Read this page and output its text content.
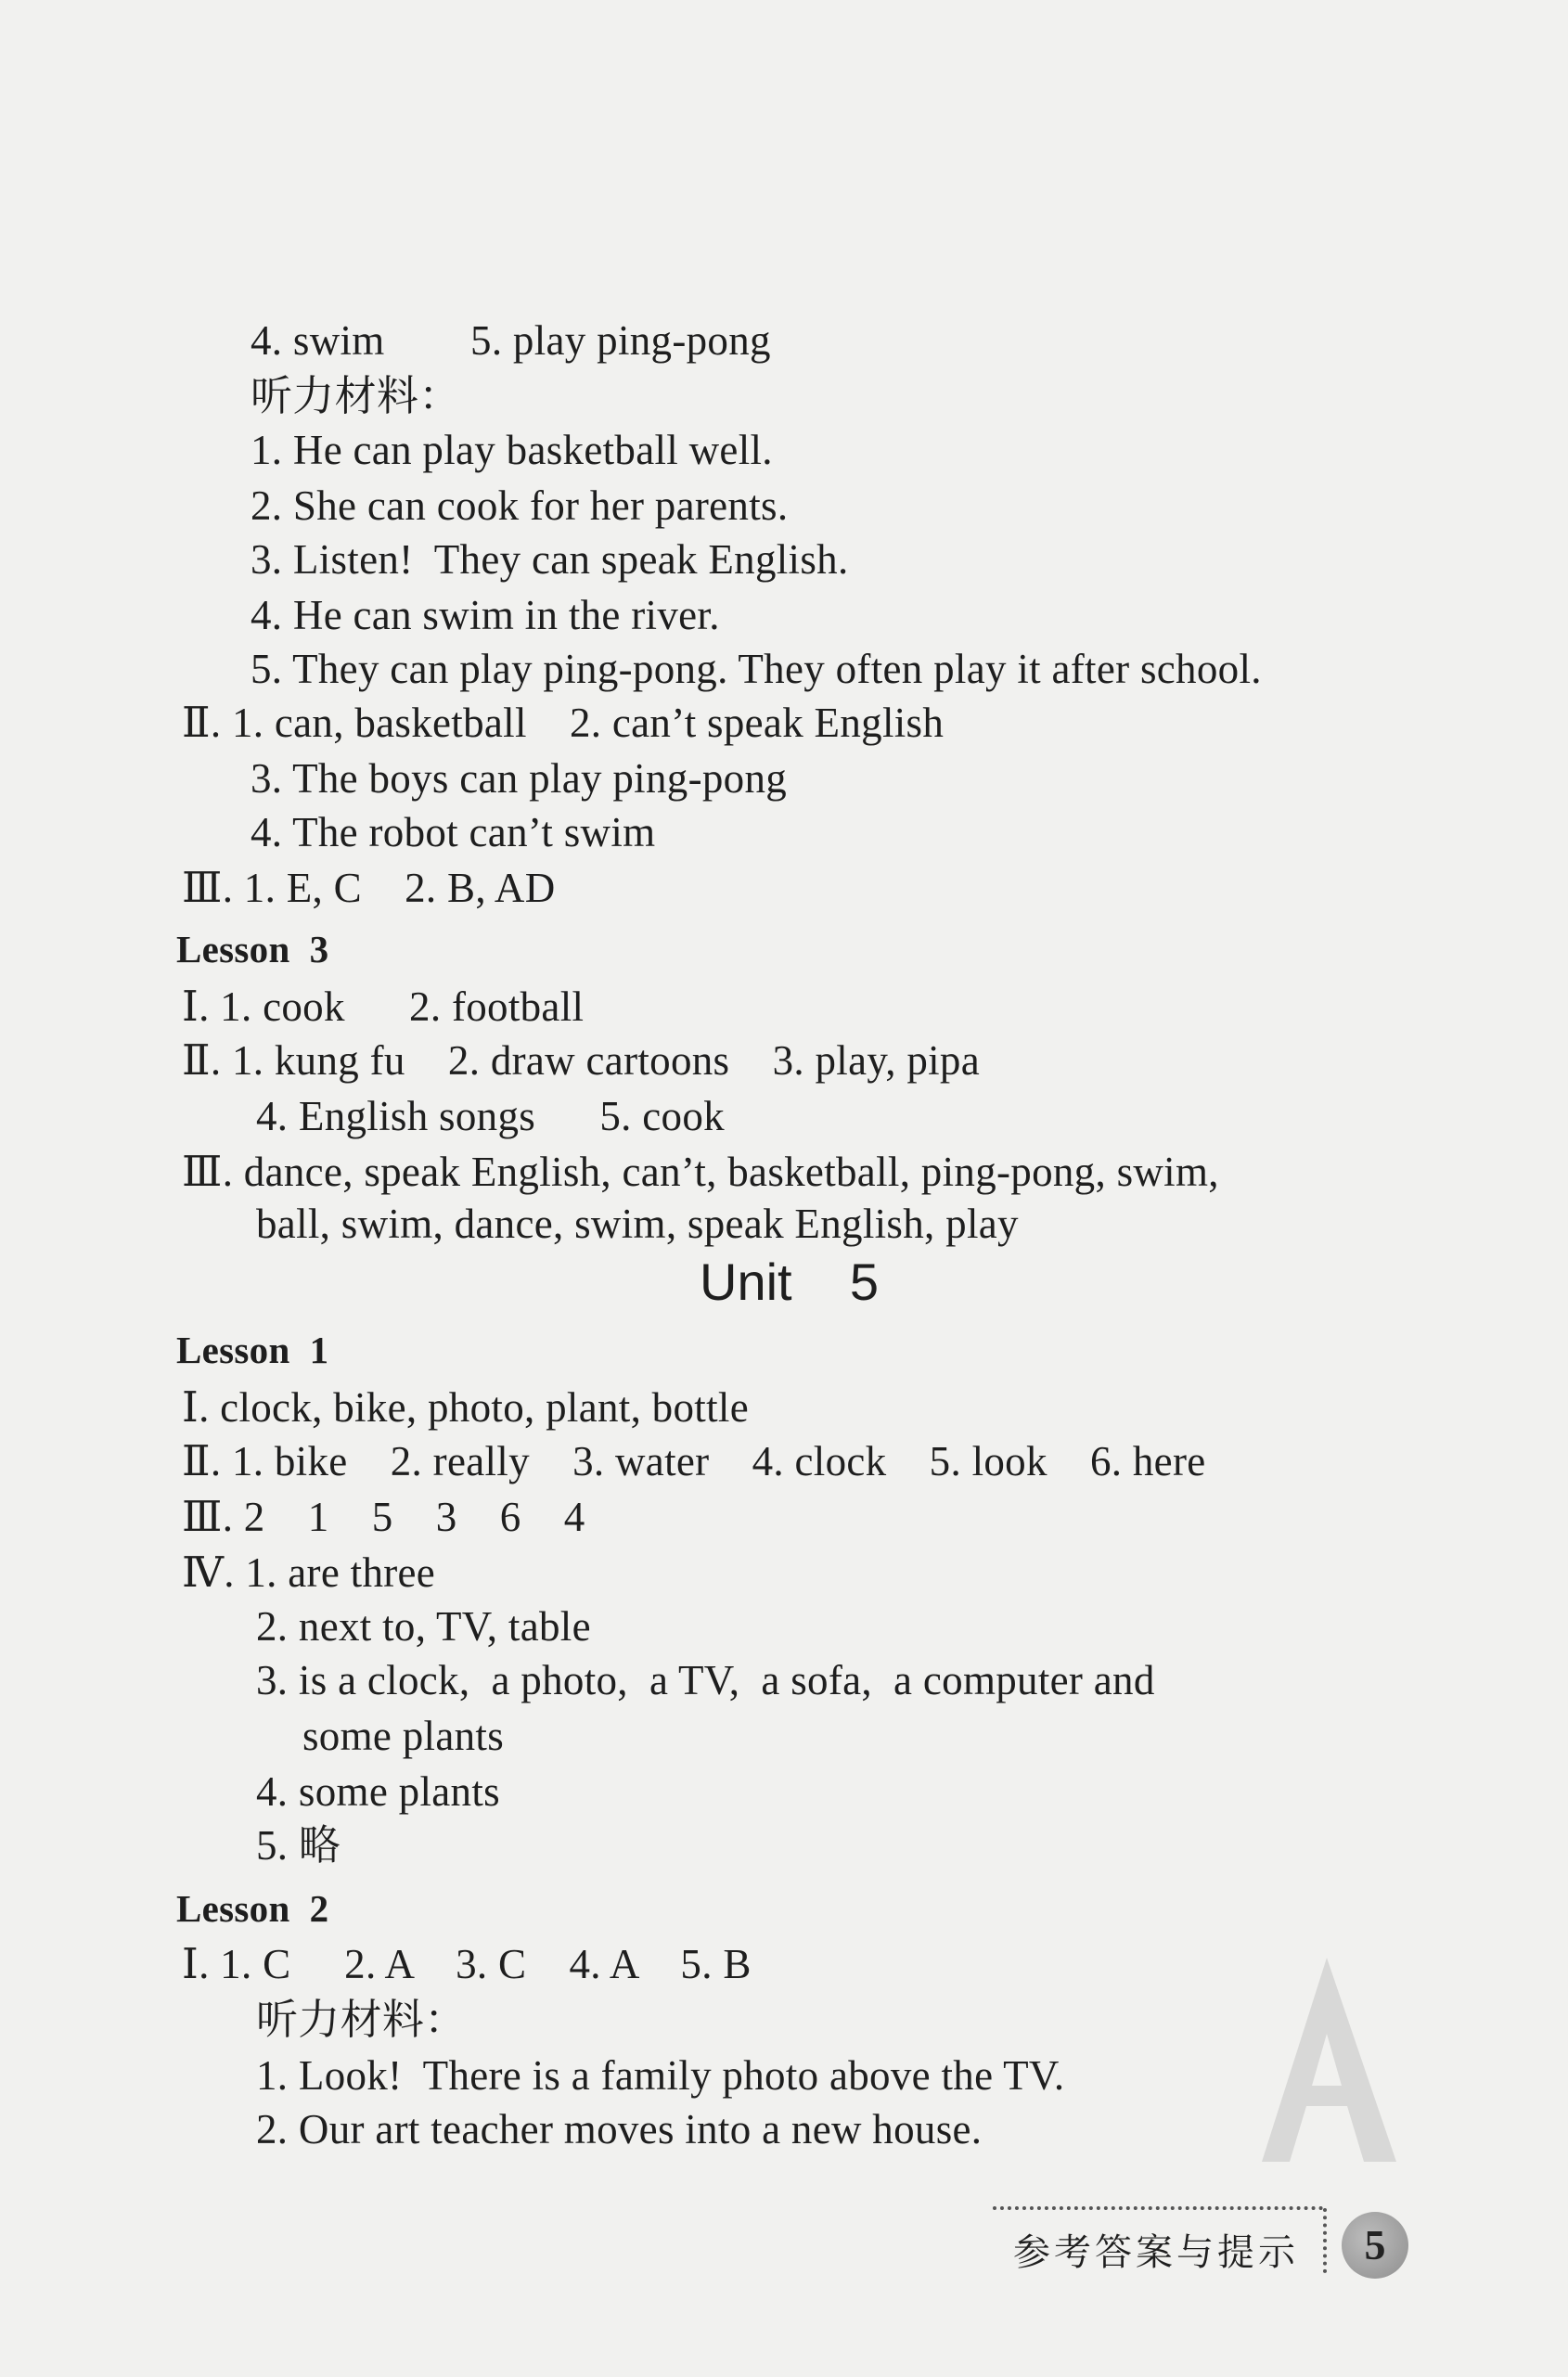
4. swim        5. play ping-pong
听力材料：
1. He can play basketball well.
2. She can cook for her parents.
3. Listen!  They can speak English.
4. He can swim in the river.
5. They can play ping-pong. They often play it after school.
Ⅱ. 1. can, basketball    2. can’t speak English
3. The boys can play ping-pong
4. The robot can’t swim
Ⅲ. 1. E, C    2. B, AD
Lesson  3
Ⅰ. 1. cook      2. football
Ⅱ. 1. kung fu    2. draw cartoons    3. play, pipa
4. English songs      5. cook
Ⅲ. dance, speak English, can’t, basketball, ping-pong, swim,
ball, swim, dance, swim, speak English, play
Unit    5
Lesson  1
Ⅰ. clock, bike, photo, plant, bottle
Ⅱ. 1. bike    2. really    3. water    4. clock    5. look    6. here
Ⅲ. 2    1    5    3    6    4
Ⅳ. 1. are three
2. next to, TV, table
3. is a clock,  a photo,  a TV,  a sofa,  a computer and
some plants
4. some plants
5. 略
Lesson  2
Ⅰ. 1. C     2. A    3. C    4. A    5. B
听力材料：
1. Look!  There is a family photo above the TV.
2. Our art teacher moves into a new house.
参考答案与提示	5
